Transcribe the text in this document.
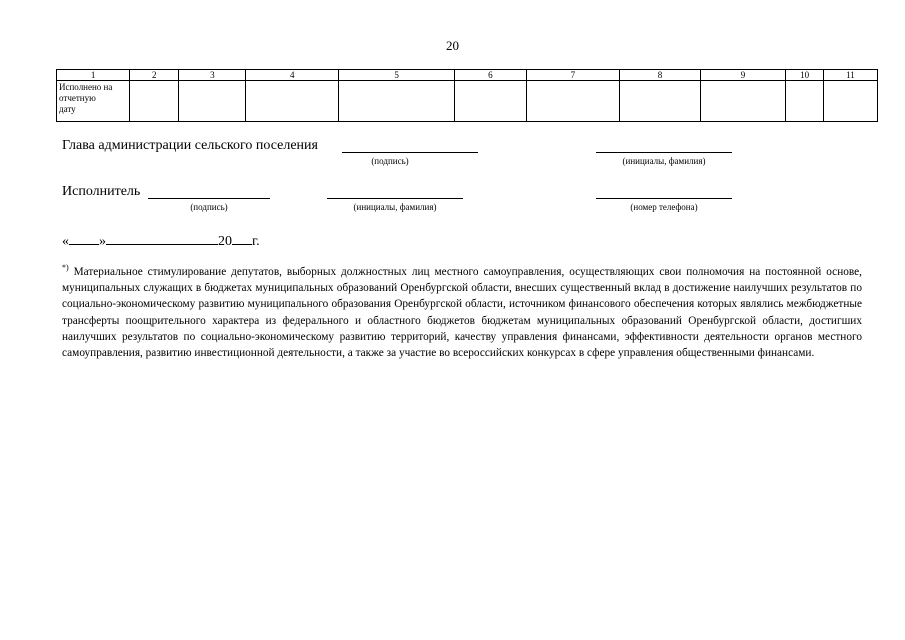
20
1	2	3	4	5	6	7	8	9	10	11

Исполнено на
отчетную
дату										

Глава администрации сельского поселения
(подпись)	(инициалы, фамилия)
Исполнитель
(подпись)	(инициалы, фамилия)	(номер телефона)
« »	20 г.
*) Материальное стимулирование депутатов, выборных должностных лиц местного самоуправления, осуществляющих свои полномочия на постоянной основе, муниципальных служащих в бюджетах муниципальных образований Оренбургской области, внесших существенный вклад в достижение наилучших результатов по социально-экономическому развитию муниципального образования Оренбургской области, источником финансового обеспечения которых являлись межбюджетные трансферты поощрительного характера из федерального и областного бюджетов бюджетам муниципальных образований Оренбургской области, достигших наилучших результатов по социально-экономическому развитию территорий, качеству управления финансами, эффективности деятельности органов местного самоуправления, развитию инвестиционной деятельности, а также за участие во всероссийских конкурсах в сфере управления общественными финансами.
